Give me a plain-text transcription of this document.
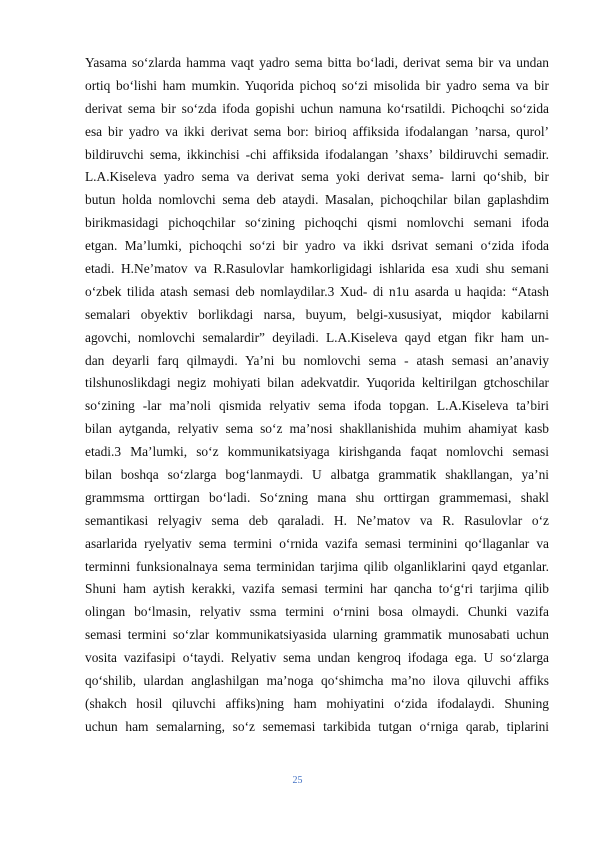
Yasama soʻzlarda hamma vaqt yadro sema bitta boʻladi, derivat sema bir va undan
ortiq boʻlishi ham mumkin. Yuqorida pichoq soʻzi misolida bir yadro sema va bir
derivat sema bir soʻzda ifoda gopishi uchun namuna koʻrsatildi. Pichoqchi soʻzida
esa bir yadro va ikki derivat sema bor: birioq affiksida ifodalangan ʼnarsa, qurolʼ
bildiruvchi sema, ikkinchisi -chi affiksida ifodalangan ʼshaxsʼ bildiruvchi semadir.
L.A.Kiseleva yadro sema va derivat sema yoki derivat sema- larni qoʻshib, bir
butun holda nomlovchi sema deb ataydi. Masalan, pichoqchilar bilan gaplashdim
birikmasidagi pichoqchilar soʻzining pichoqchi qismi nomlovchi semani ifoda
etgan. Maʼlumki, pichoqchi soʻzi bir yadro va ikki dsrivat semani oʻzida ifoda
etadi. H.Neʼmatov va R.Rasulovlar hamkorligidagi ishlarida esa xudi shu semani
oʻzbek tilida atash semasi deb nomlaydilar.3 Xud- di n1u asarda u haqida: “Atash
semalari obyektiv borlikdagi narsa, buyum, belgi-xususiyat, miqdor kabilarni
agovchi, nomlovchi semalardir” deyiladi. L.A.Kiseleva qayd etgan fikr ham un-
dan deyarli farq qilmaydi. Yaʼni bu nomlovchi sema - atash semasi anʼanaviy
tilshunoslikdagi negiz mohiyati bilan adekvatdir. Yuqorida keltirilgan gtchoschilar
soʻzining -lar maʼnoli qismida relyativ sema ifoda topgan. L.A.Kiseleva taʼbiri
bilan aytganda, relyativ sema soʻz maʼnosi shakllanishida muhim ahamiyat kasb
etadi.3 Maʼlumki, soʻz kommunikatsiyaga kirishganda faqat nomlovchi semasi
bilan boshqa soʻzlarga bogʻlanmaydi. U albatga grammatik shakllangan, yaʼni
grammsma orttirgan boʻladi. Soʻzning mana shu orttirgan grammemasi, shakl
semantikasi relyagiv sema deb qaraladi. H. Neʼmatov va R. Rasulovlar oʻz
asarlarida ryelyativ sema termini oʻrnida vazifa semasi terminini qoʻllaganlar va
terminni funksionalnaya sema terminidan tarjima qilib olganliklarini qayd etganlar.
Shuni ham aytish kerakki, vazifa semasi termini har qancha toʻgʻri tarjima qilib
olingan boʻlmasin, relyativ ssma termini oʻrnini bosa olmaydi. Chunki vazifa
semasi termini soʻzlar kommunikatsiyasida ularning grammatik munosabati uchun
vosita vazifasipi oʻtaydi. Relyativ sema undan kengroq ifodaga ega. U soʻzlarga
qoʻshilib, ulardan anglashilgan maʼnoga qoʻshimcha maʼno ilova qiluvchi affiks
(shakch hosil qiluvchi affiks)ning ham mohiyatini oʻzida ifodalaydi. Shuning
uchun ham semalarning, soʻz sememasi tarkibida tutgan oʻrniga qarab, tiplarini
25
